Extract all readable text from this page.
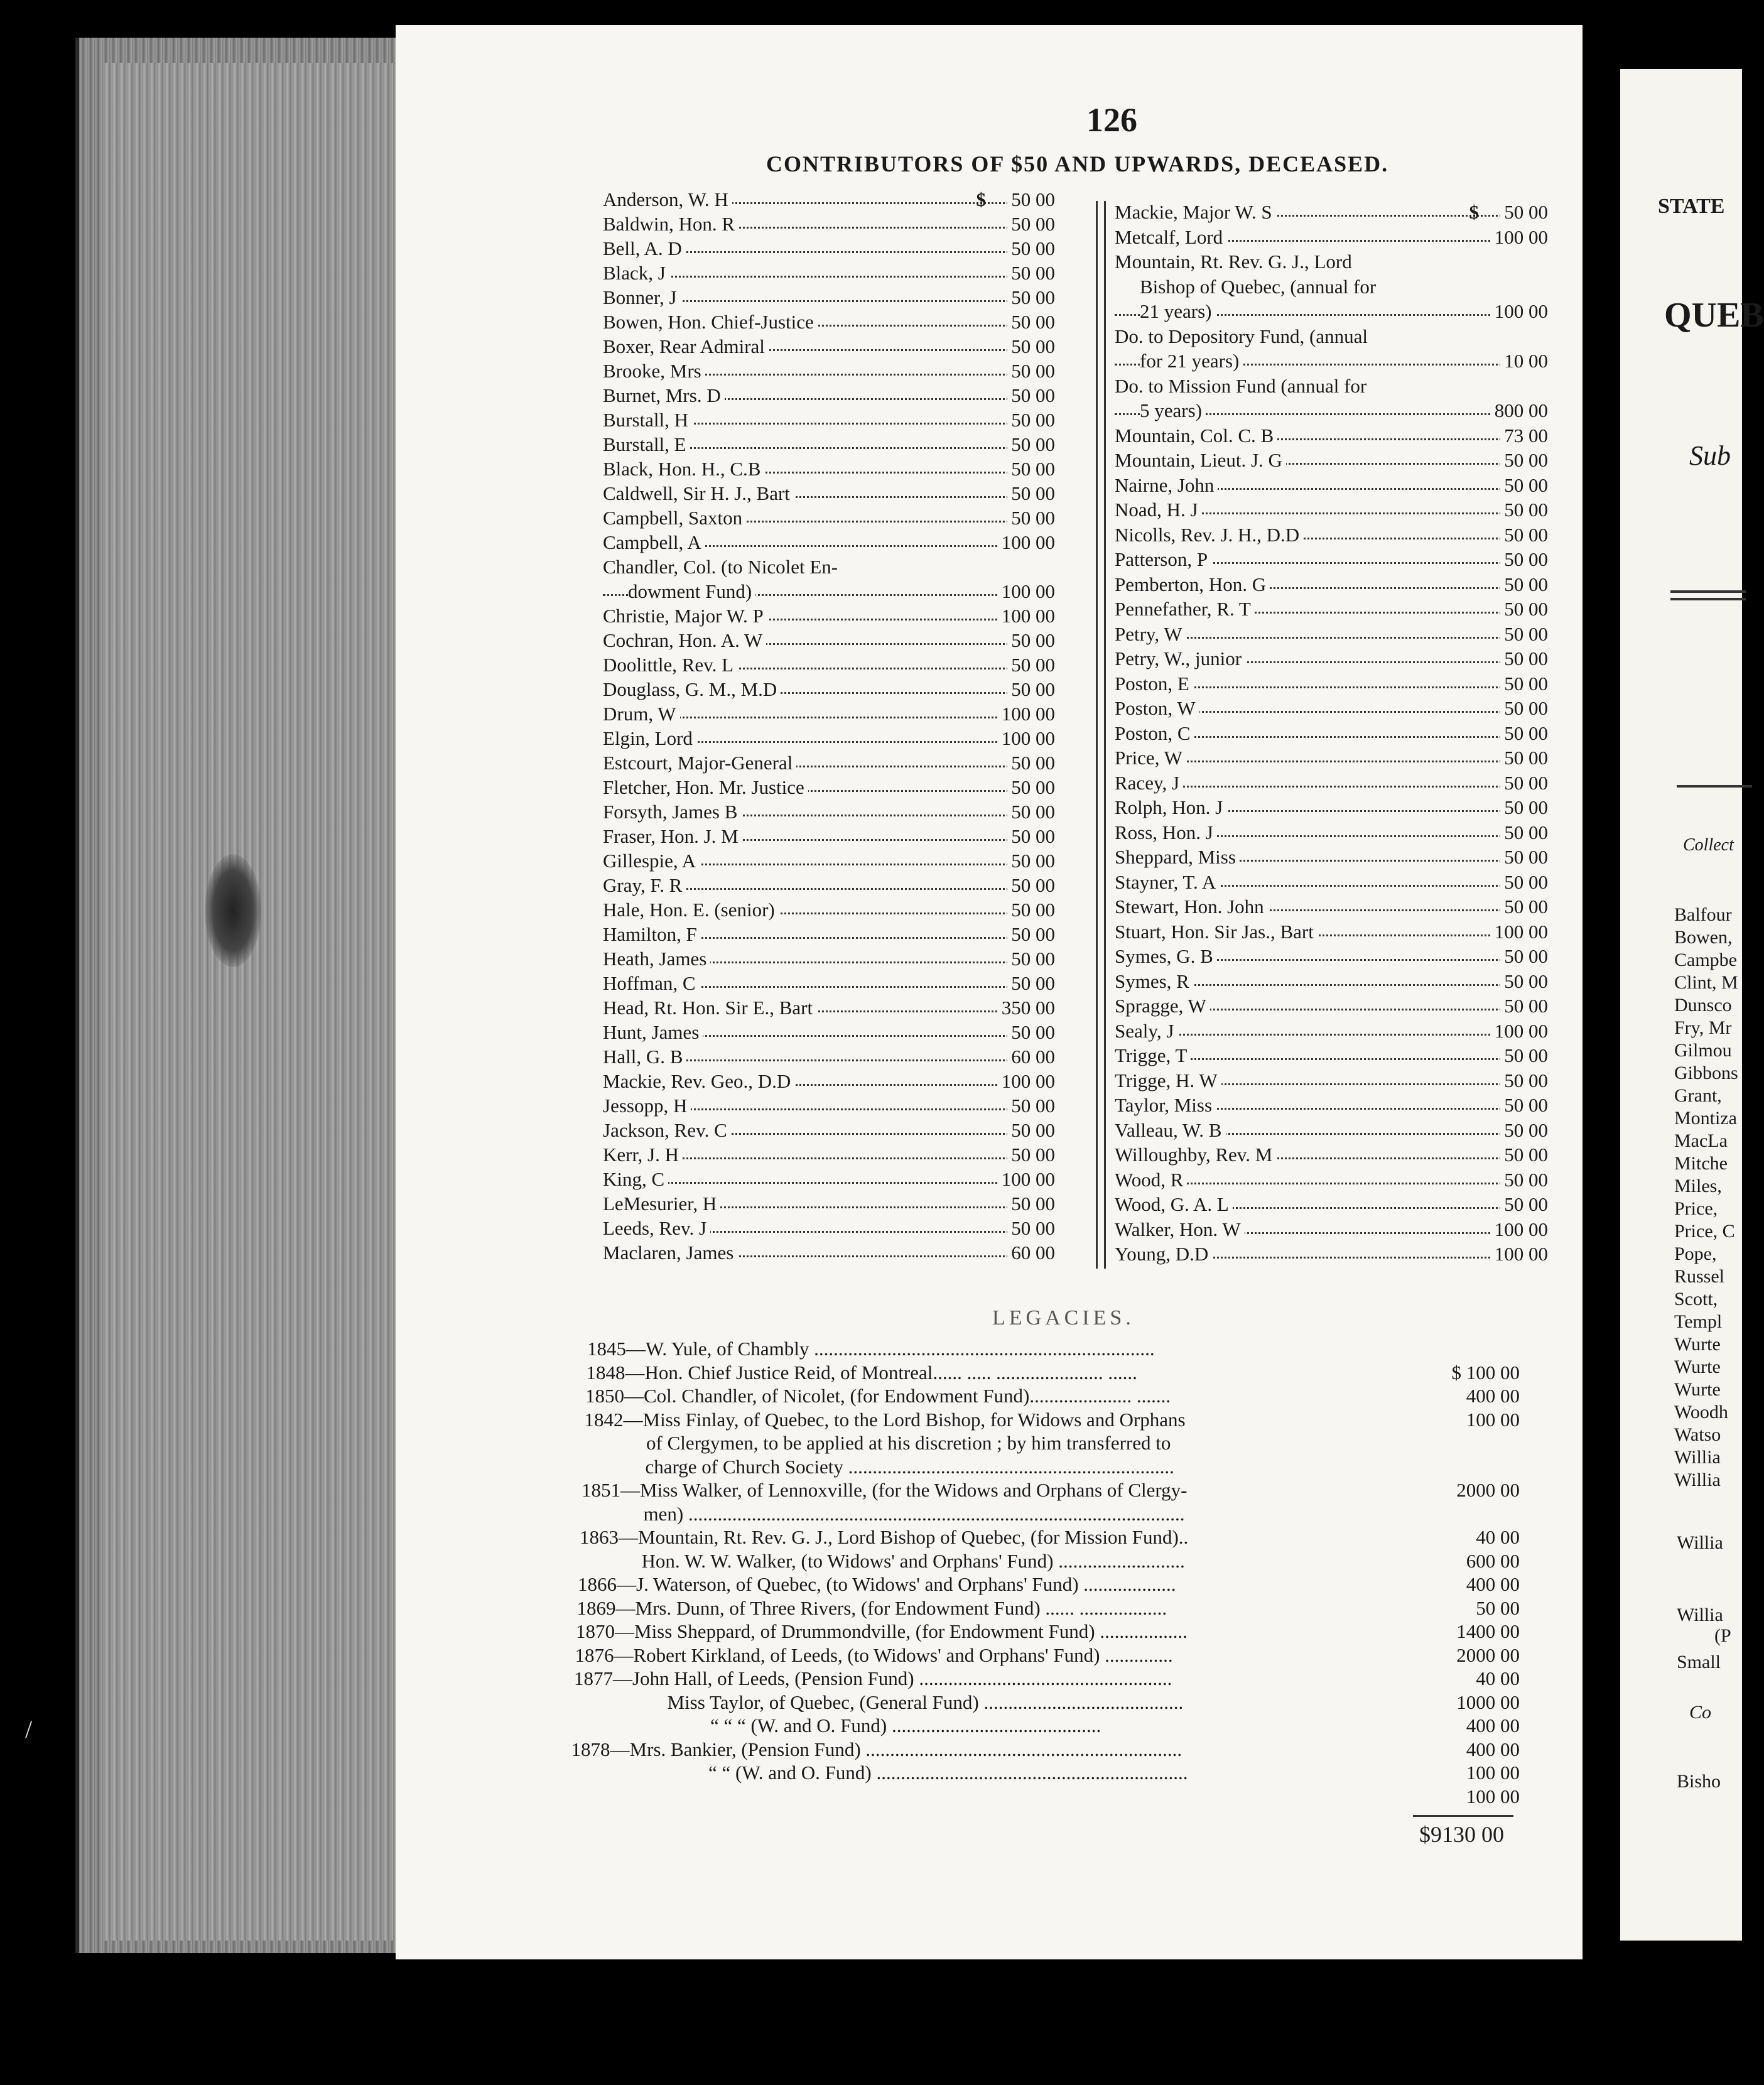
126
CONTRIBUTORS OF $50 AND UPWARDS, DECEASED.
Anderson, W. H	$ 50 00
Baldwin, Hon. R	50 00
Bell, A. D	50 00
Black, J	50 00
Bonner, J	50 00
Bowen, Hon. Chief-Justice	50 00
Boxer, Rear Admiral	50 00
Brooke, Mrs	50 00
Burnet, Mrs. D	50 00
Burstall, H	50 00
Burstall, E	50 00
Black, Hon. H., C.B	50 00
Caldwell, Sir H. J., Bart	50 00
Campbell, Saxton	50 00
Campbell, A	100 00
Chandler, Col. (to Nicolet En-
dowment Fund)	100 00
Christie, Major W. P	100 00
Cochran, Hon. A. W	50 00
Doolittle, Rev. L	50 00
Douglass, G. M., M.D	50 00
Drum, W	100 00
Elgin, Lord	100 00
Estcourt, Major-General	50 00
Fletcher, Hon. Mr. Justice	50 00
Forsyth, James B	50 00
Fraser, Hon. J. M	50 00
Gillespie, A	50 00
Gray, F. R	50 00
Hale, Hon. E. (senior)	50 00
Hamilton, F	50 00
Heath, James	50 00
Hoffman, C	50 00
Head, Rt. Hon. Sir E., Bart	350 00
Hunt, James	50 00
Hall, G. B	60 00
Mackie, Rev. Geo., D.D	100 00
Jessopp, H	50 00
Jackson, Rev. C	50 00
Kerr, J. H	50 00
King, C	100 00
LeMesurier, H	50 00
Leeds, Rev. J	50 00
Maclaren, James	60 00
Mackie, Major W. S	$ 50 00
Metcalf, Lord	100 00
Mountain, Rt. Rev. G. J., Lord
Bishop of Quebec, (annual for
21 years)	100 00
Do. to Depository Fund, (annual
for 21 years)	10 00
Do. to Mission Fund (annual for
5 years)	800 00
Mountain, Col. C. B	73 00
Mountain, Lieut. J. G	50 00
Nairne, John	50 00
Noad, H. J	50 00
Nicolls, Rev. J. H., D.D	50 00
Patterson, P	50 00
Pemberton, Hon. G	50 00
Pennefather, R. T	50 00
Petry, W	50 00
Petry, W., junior	50 00
Poston, E	50 00
Poston, W	50 00
Poston, C	50 00
Price, W	50 00
Racey, J	50 00
Rolph, Hon. J	50 00
Ross, Hon. J	50 00
Sheppard, Miss	50 00
Stayner, T. A	50 00
Stewart, Hon. John	50 00
Stuart, Hon. Sir Jas., Bart	100 00
Symes, G. B	50 00
Symes, R	50 00
Spragge, W	50 00
Sealy, J	100 00
Trigge, T	50 00
Trigge, H. W	50 00
Taylor, Miss	50 00
Valleau, W. B	50 00
Willoughby, Rev. M	50 00
Wood, R	50 00
Wood, G. A. L	50 00
Walker, Hon. W	100 00
Young, D.D	100 00
LEGACIES.
1845—W. Yule, of Chambly ......................................................................
1848—Hon. Chief Justice Reid, of Montreal...... ..... ...................... ......	$ 100 00
1850—Col. Chandler, of Nicolet, (for Endowment Fund)..................... .......	400 00
1842—Miss Finlay, of Quebec, to the Lord Bishop, for Widows and Orphans	100 00
of Clergymen, to be applied at his discretion ; by him transferred to
charge of Church Society ...................................................................
1851—Miss Walker, of Lennoxville, (for the Widows and Orphans of Clergy-	2000 00
men) ......................................................................................................
1863—Mountain, Rt. Rev. G. J., Lord Bishop of Quebec, (for Mission Fund)..	40 00
Hon. W. W. Walker, (to Widows' and Orphans' Fund) ..........................	600 00
1866—J. Waterson, of Quebec, (to Widows' and Orphans' Fund) ...................	400 00
1869—Mrs. Dunn, of Three Rivers, (for Endowment Fund) ...... ..................	50 00
1870—Miss Sheppard, of Drummondville, (for Endowment Fund) ..................	1400 00
1876—Robert Kirkland, of Leeds, (to Widows' and Orphans' Fund) ..............	2000 00
1877—John Hall, of Leeds, (Pension Fund) ....................................................	40 00
Miss Taylor, of Quebec, (General Fund) .........................................	1000 00
“ “ “ (W. and O. Fund) ...........................................	400 00
1878—Mrs. Bankier, (Pension Fund) .................................................................	400 00
“ “ (W. and O. Fund) ................................................................	100 00
100 00
$9130 00
STATE
QUEB
Sub
Collect
Balfour
Bowen,
Campbe
Clint, M
Dunsco
Fry, Mr
Gilmou
Gibbons
Grant,
Montiza
MacLa
Mitche
Miles,
Price,
Price, C
Pope,
Russel
Scott,
Templ
Wurte
Wurte
Wurte
Woodh
Watso
Willia
Willia
Willia
Willia
(P
Small
Co
Bisho
/
